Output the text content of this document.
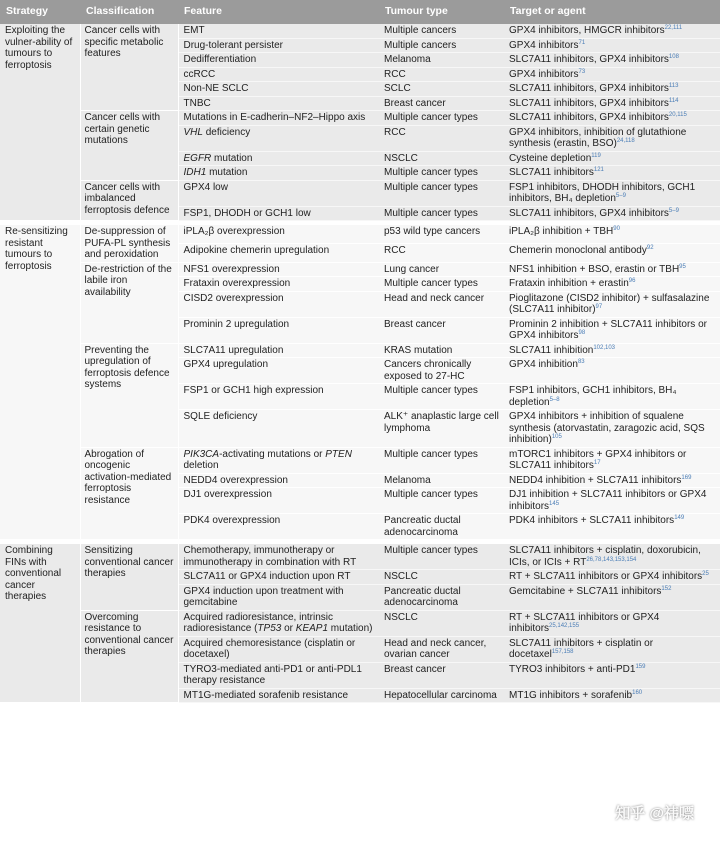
Strategy	Classification	Feature	Tumour type	Target or agent
Exploiting the vulner-ability of tumours to ferroptosis	Cancer cells with specific metabolic features	EMT	Multiple cancers	GPX4 inhibitors, HMGCR inhibitors$^{22,111}$
		Drug-tolerant persister	Multiple cancers	GPX4 inhibitors$^{71}$
		Dedifferentiation	Melanoma	SLC7A11 inhibitors, GPX4 inhibitors$^{108}$
		ccRCC	RCC	GPX4 inhibitors$^{73}$
		Non-NE SCLC	SCLC	SLC7A11 inhibitors, GPX4 inhibitors$^{113}$
		TNBC	Breast cancer	SLC7A11 inhibitors, GPX4 inhibitors$^{114}$
	Cancer cells with certain genetic mutations	Mutations in E-cadherin–NF2–Hippo axis	Multiple cancer types	SLC7A11 inhibitors, GPX4 inhibitors$^{20,115}$
		VHL deficiency	RCC	GPX4 inhibitors, inhibition of glutathione synthesis (erastin, BSO)$^{24,118}$
		EGFR mutation	NSCLC	Cysteine depletion$^{119}$
		IDH1 mutation	Multiple cancer types	SLC7A11 inhibitors$^{121}$
	Cancer cells with imbalanced ferroptosis defence	GPX4 low	Multiple cancer types	FSP1 inhibitors, DHODH inhibitors, GCH1 inhibitors, BH₄ depletion$^{5-9}$
		FSP1, DHODH or GCH1 low	Multiple cancer types	SLC7A11 inhibitors, GPX4 inhibitors$^{5-9}$

Re-sensitizing resistant tumours to ferroptosis	De-suppression of PUFA-PL synthesis and peroxidation	iPLA₂β overexpression	p53 wild type cancers	iPLA₂β inhibition + TBH$^{90}$
		Adipokine chemerin upregulation	RCC	Chemerin monoclonal antibody$^{92}$
	De-restriction of the labile iron availability	NFS1 overexpression	Lung cancer	NFS1 inhibition + BSO, erastin or TBH$^{95}$
		Frataxin overexpression	Multiple cancer types	Frataxin inhibition + erastin$^{96}$
		CISD2 overexpression	Head and neck cancer	Pioglitazone (CISD2 inhibitor) + sulfasalazine (SLC7A11 inhibitor)$^{97}$
		Prominin 2 upregulation	Breast cancer	Prominin 2 inhibition + SLC7A11 inhibitors or GPX4 inhibitors$^{98}$
	Preventing the upregulation of ferroptosis defence systems	SLC7A11 upregulation	KRAS mutation	SLC7A11 inhibition$^{102,103}$
		GPX4 upregulation	Cancers chronically exposed to 27-HC	GPX4 inhibition$^{83}$
		FSP1 or GCH1 high expression	Multiple cancer types	FSP1 inhibitors, GCH1 inhibitors, BH₄ depletion$^{5-8}$
		SQLE deficiency	ALK⁺ anaplastic large cell lymphoma	GPX4 inhibitors + inhibition of squalene synthesis (atorvastatin, zaragozic acid, SQS inhibition)$^{105}$
	Abrogation of oncogenic activation-mediated ferroptosis resistance	PIK3CA-activating mutations or PTEN deletion	Multiple cancer types	mTORC1 inhibitors + GPX4 inhibitors or SLC7A11 inhibitors$^{17}$
		NEDD4 overexpression	Melanoma	NEDD4 inhibition + SLC7A11 inhibitors$^{169}$
		DJ1 overexpression	Multiple cancer types	DJ1 inhibition + SLC7A11 inhibitors or GPX4 inhibitors$^{145}$
		PDK4 overexpression	Pancreatic ductal adenocarcinoma	PDK4 inhibitors + SLC7A11 inhibitors$^{149}$

Combining FINs with conventional cancer therapies	Sensitizing conventional cancer therapies	Chemotherapy, immunotherapy or immunotherapy in combination with RT	Multiple cancer types	SLC7A11 inhibitors + cisplatin, doxorubicin, ICIs, or ICIs + RT$^{26,78,143,153,154}$
		SLC7A11 or GPX4 induction upon RT	NSCLC	RT + SLC7A11 inhibitors or GPX4 inhibitors$^{25}$
		GPX4 induction upon treatment with gemcitabine	Pancreatic ductal adenocarcinoma	Gemcitabine + SLC7A11 inhibitors$^{152}$
	Overcoming resistance to conventional cancer therapies	Acquired radioresistance, intrinsic radioresistance (TP53 or KEAP1 mutation)	NSCLC	RT + SLC7A11 inhibitors or GPX4 inhibitors$^{25,142,155}$
		Acquired chemoresistance (cisplatin or docetaxel)	Head and neck cancer, ovarian cancer	SLC7A11 inhibitors + cisplatin or docetaxel$^{157,158}$
		TYRO3-mediated anti-PD1 or anti-PDL1 therapy resistance	Breast cancer	TYRO3 inhibitors + anti-PD1$^{159}$
		MT1G-mediated sorafenib resistance	Hepatocellular carcinoma	MT1G inhibitors + sorafenib$^{160}$
知乎 @祎嘌
